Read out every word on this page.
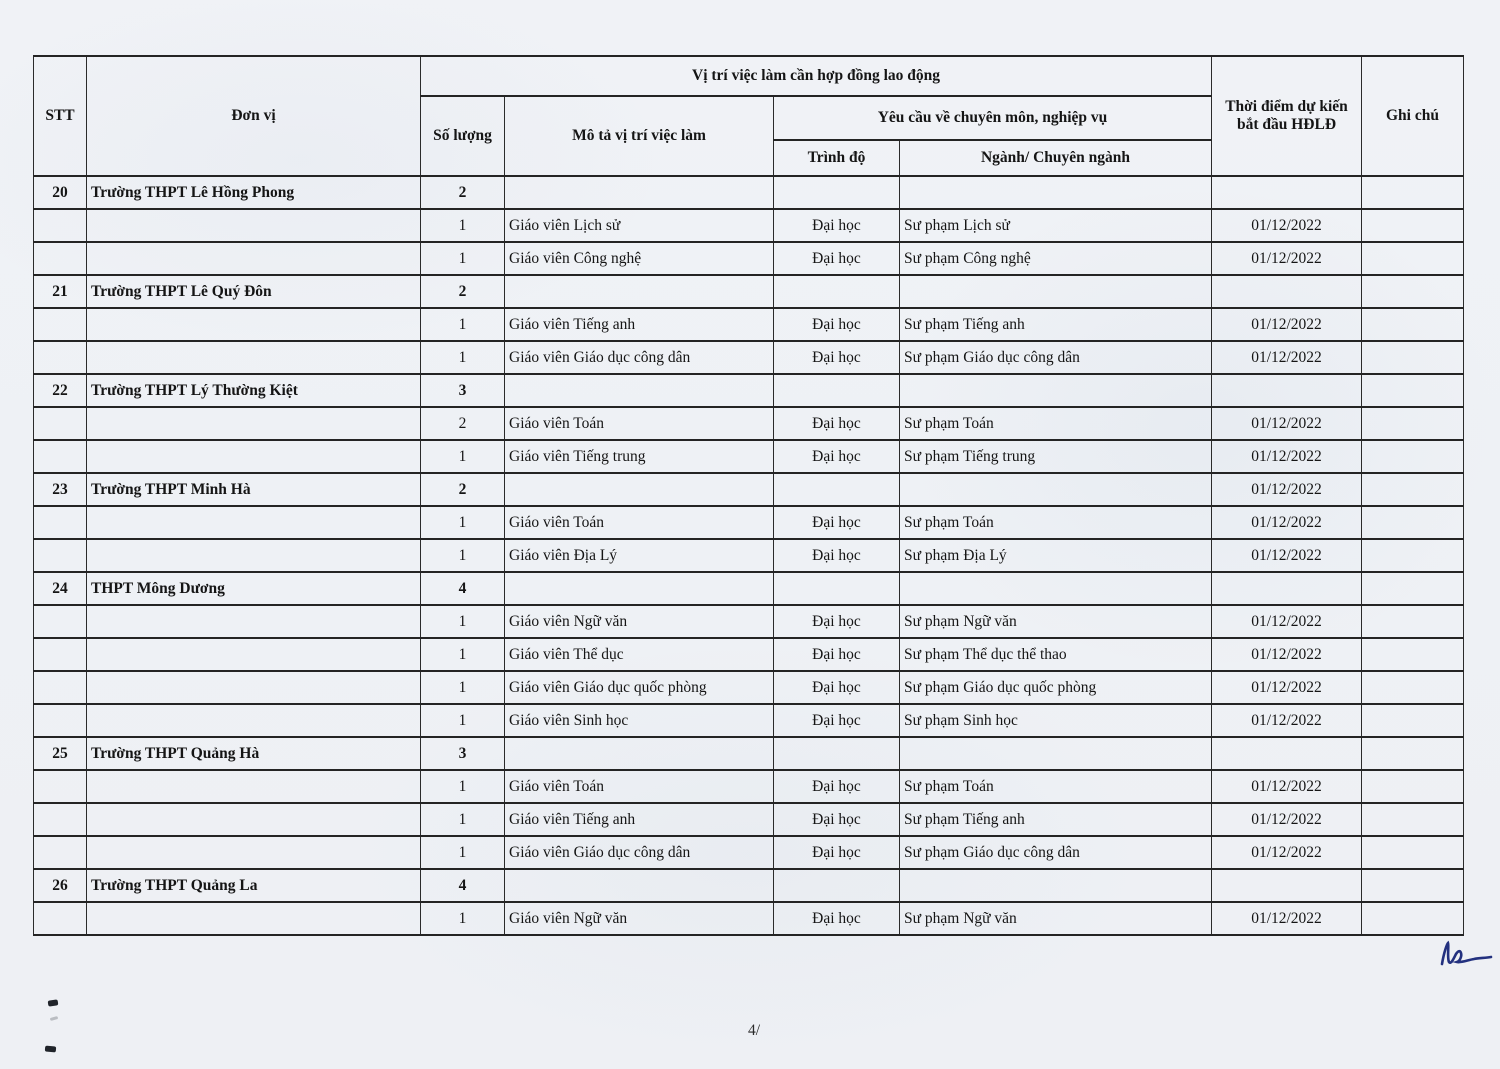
STT	Đơn vị	Vị trí việc làm cần hợp đồng lao động				Thời điểm dự kiến bắt đầu HĐLĐ	Ghi chú
		Số lượng	Mô tả vị trí việc làm	Yêu cầu về chuyên môn, nghiệp vụ			
				Trình độ	Ngành/ Chuyên ngành		
20	Trường THPT Lê Hồng Phong	2					
		1	Giáo viên Lịch sử	Đại học	Sư phạm Lịch sử	01/12/2022	
		1	Giáo viên Công nghệ	Đại học	Sư phạm Công nghệ	01/12/2022	
21	Trường THPT Lê Quý Đôn	2					
		1	Giáo viên Tiếng anh	Đại học	Sư phạm Tiếng anh	01/12/2022	
		1	Giáo viên Giáo dục công dân	Đại học	Sư phạm Giáo dục công dân	01/12/2022	
22	Trường THPT Lý Thường Kiệt	3					
		2	Giáo viên Toán	Đại học	Sư phạm Toán	01/12/2022	
		1	Giáo viên Tiếng trung	Đại học	Sư phạm Tiếng trung	01/12/2022	
23	Trường THPT Minh Hà	2				01/12/2022	
		1	Giáo viên Toán	Đại học	Sư phạm Toán	01/12/2022	
		1	Giáo viên Địa Lý	Đại học	Sư phạm Địa Lý	01/12/2022	
24	THPT Mông Dương	4					
		1	Giáo viên Ngữ văn	Đại học	Sư phạm Ngữ văn	01/12/2022	
		1	Giáo viên Thể dục	Đại học	Sư phạm Thể dục thể thao	01/12/2022	
		1	Giáo viên Giáo dục quốc phòng	Đại học	Sư phạm Giáo dục quốc phòng	01/12/2022	
		1	Giáo viên Sinh học	Đại học	Sư phạm Sinh học	01/12/2022	
25	Trường THPT Quảng Hà	3					
		1	Giáo viên Toán	Đại học	Sư phạm Toán	01/12/2022	
		1	Giáo viên Tiếng anh	Đại học	Sư phạm Tiếng anh	01/12/2022	
		1	Giáo viên Giáo dục công dân	Đại học	Sư phạm Giáo dục công dân	01/12/2022	
26	Trường THPT Quảng La	4					
		1	Giáo viên Ngữ văn	Đại học	Sư phạm Ngữ văn	01/12/2022	
4/
